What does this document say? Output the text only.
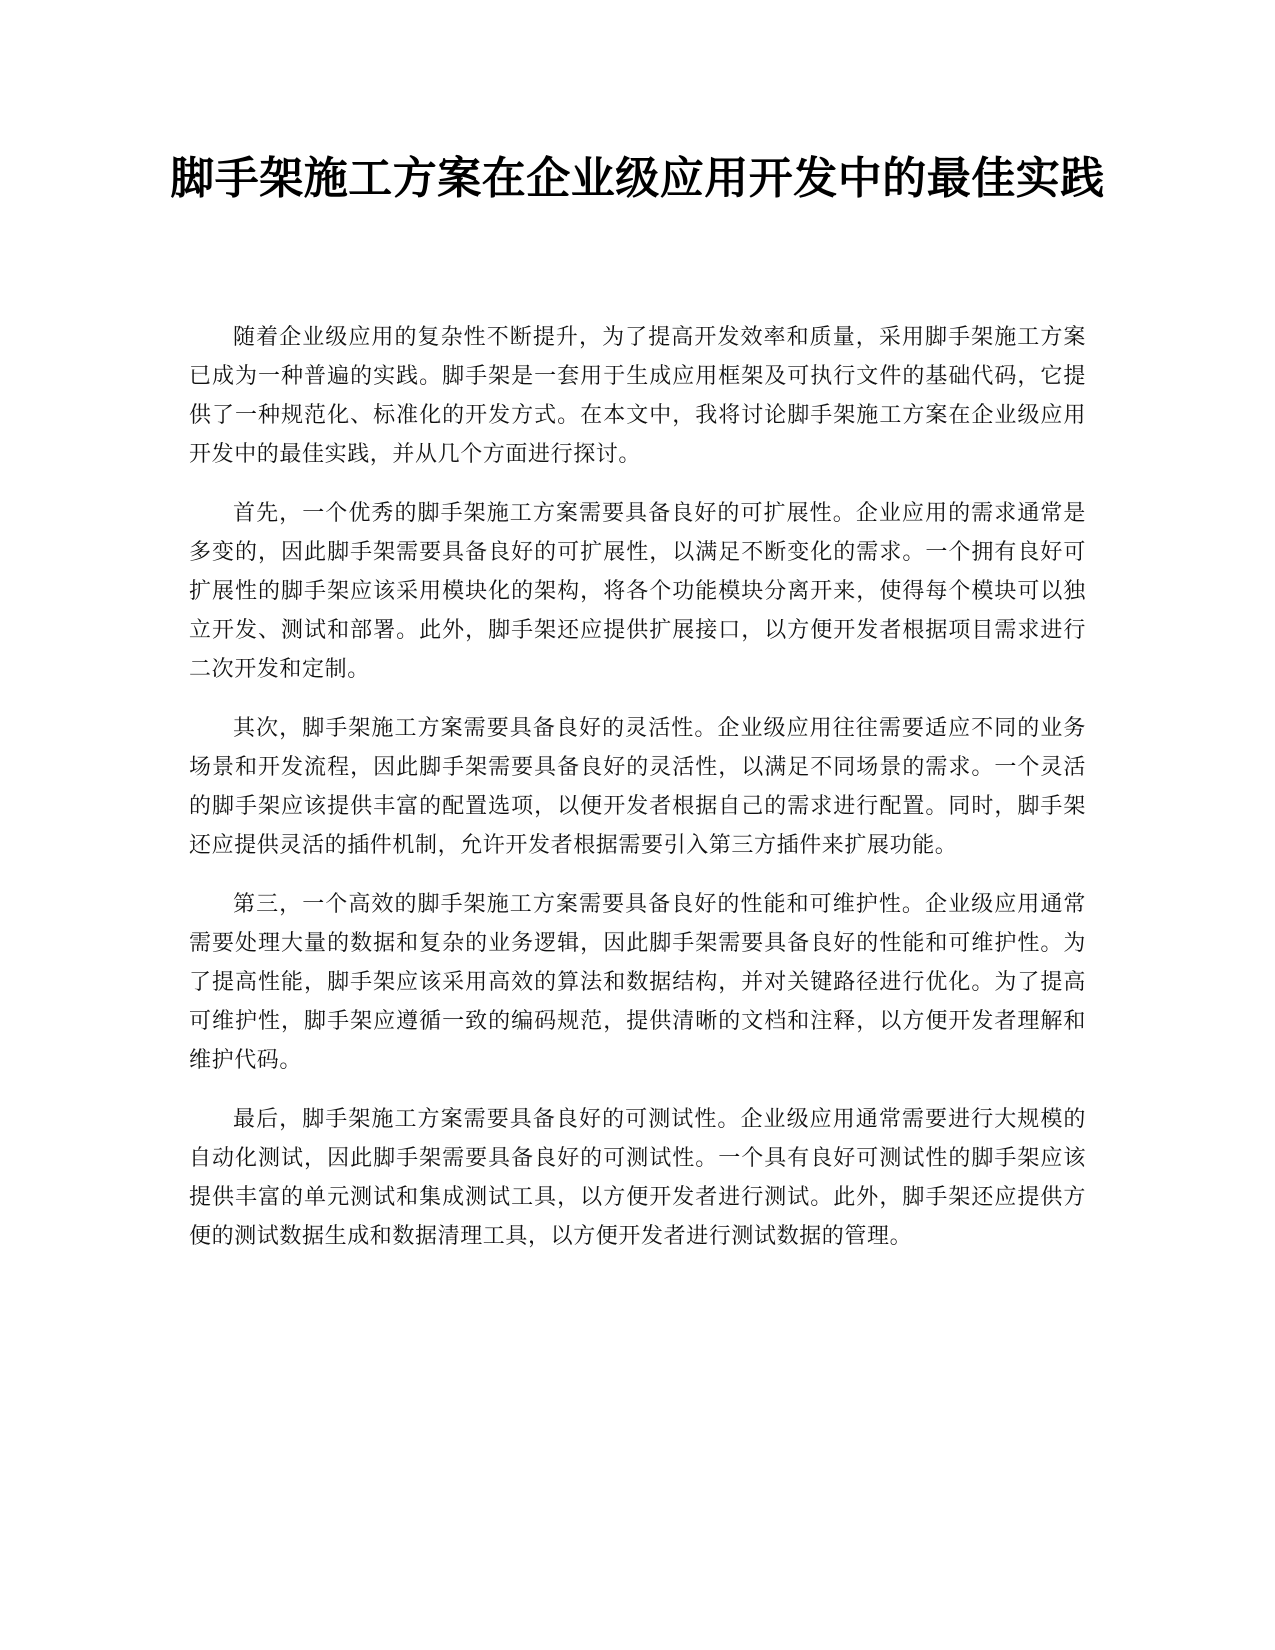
脚手架施工方案在企业级应用开发中的最佳实践

随着企业级应用的复杂性不断提升，为了提高开发效率和质量，采用脚手架施工方案已成为一种普遍的实践。脚手架是一套用于生成应用框架及可执行文件的基础代码，它提供了一种规范化、标准化的开发方式。在本文中，我将讨论脚手架施工方案在企业级应用开发中的最佳实践，并从几个方面进行探讨。

首先，一个优秀的脚手架施工方案需要具备良好的可扩展性。企业应用的需求通常是多变的，因此脚手架需要具备良好的可扩展性，以满足不断变化的需求。一个拥有良好可扩展性的脚手架应该采用模块化的架构，将各个功能模块分离开来，使得每个模块可以独立开发、测试和部署。此外，脚手架还应提供扩展接口，以方便开发者根据项目需求进行二次开发和定制。

其次，脚手架施工方案需要具备良好的灵活性。企业级应用往往需要适应不同的业务场景和开发流程，因此脚手架需要具备良好的灵活性，以满足不同场景的需求。一个灵活的脚手架应该提供丰富的配置选项，以便开发者根据自己的需求进行配置。同时，脚手架还应提供灵活的插件机制，允许开发者根据需要引入第三方插件来扩展功能。

第三，一个高效的脚手架施工方案需要具备良好的性能和可维护性。企业级应用通常需要处理大量的数据和复杂的业务逻辑，因此脚手架需要具备良好的性能和可维护性。为了提高性能，脚手架应该采用高效的算法和数据结构，并对关键路径进行优化。为了提高可维护性，脚手架应遵循一致的编码规范，提供清晰的文档和注释，以方便开发者理解和维护代码。

最后，脚手架施工方案需要具备良好的可测试性。企业级应用通常需要进行大规模的自动化测试，因此脚手架需要具备良好的可测试性。一个具有良好可测试性的脚手架应该提供丰富的单元测试和集成测试工具，以方便开发者进行测试。此外，脚手架还应提供方便的测试数据生成和数据清理工具，以方便开发者进行测试数据的管理。
